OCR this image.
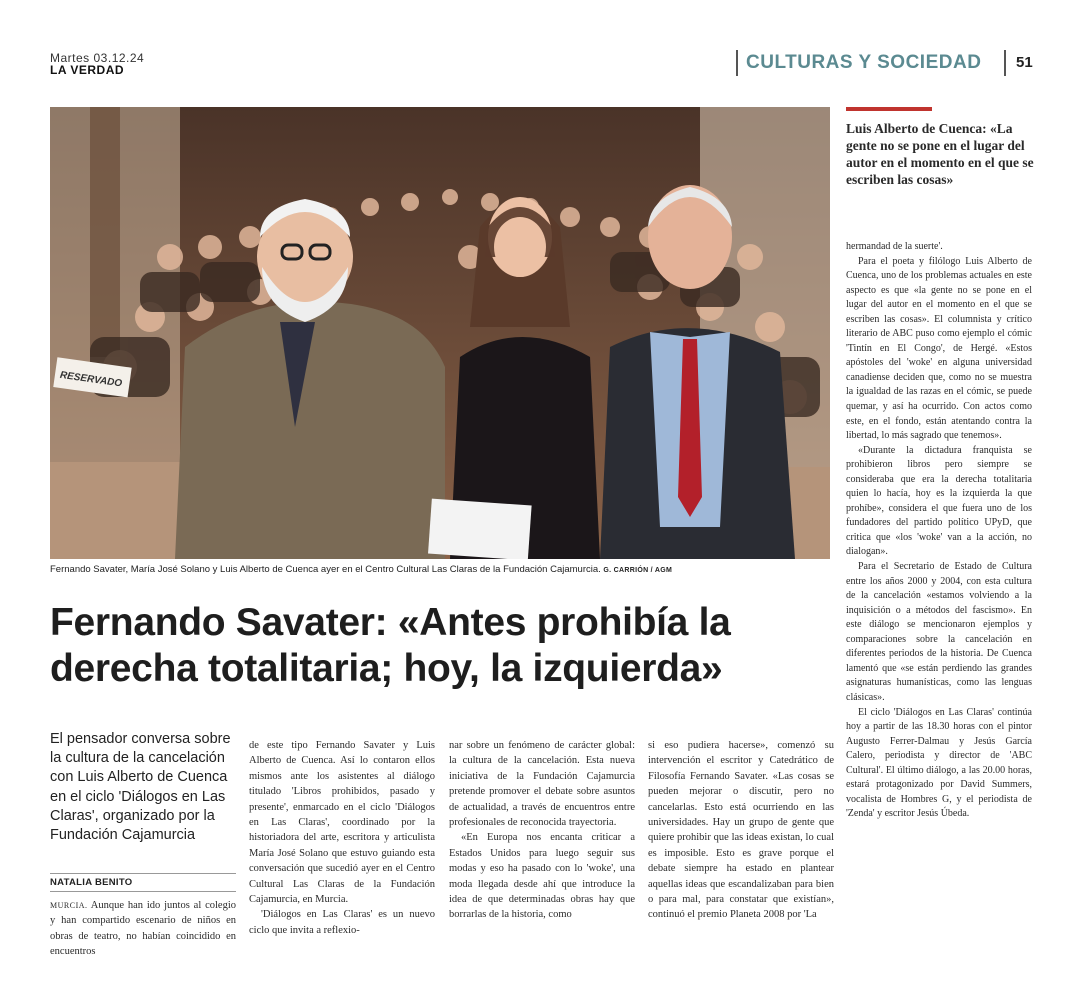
Martes 03.12.24
LA VERDAD	CULTURAS Y SOCIEDAD	51
RESERVADO
Fernando Savater, María José Solano y Luis Alberto de Cuenca ayer en el Centro Cultural Las Claras de la Fundación Cajamurcia. G. CARRIÓN / AGM
Fernando Savater: «Antes prohibía la
derecha totalitaria; hoy, la izquierda»
El pensador conversa sobre la cultura de la cancelación con Luis Alberto de Cuenca en el ciclo 'Diálogos en Las Claras', organizado por la Fundación Cajamurcia
NATALIA BENITO

MURCIA. Aunque han ido juntos al colegio y han compartido escenario de niños en obras de teatro, no habían coincidido en encuentros

de este tipo Fernando Savater y Luis Alberto de Cuenca. Así lo contaron ellos mismos ante los asistentes al diálogo titulado 'Libros prohibidos, pasado y presente', enmarcado en el ciclo 'Diálogos en Las Claras', coordinado por la historiadora del arte, escritora y articulista María José Solano que estuvo guiando esta conversación que sucedió ayer en el Centro Cultural Las Claras de la Fundación Cajamurcia, en Murcia.

'Diálogos en Las Claras' es un nuevo ciclo que invita a reflexio-

nar sobre un fenómeno de carácter global: la cultura de la cancelación. Esta nueva iniciativa de la Fundación Cajamurcia pretende promover el debate sobre asuntos de actualidad, a través de encuentros entre profesionales de reconocida trayectoria.

«En Europa nos encanta criticar a Estados Unidos para luego seguir sus modas y eso ha pasado con lo 'woke', una moda llegada desde ahí que introduce la idea de que determinadas obras hay que borrarlas de la historia, como

si eso pudiera hacerse», comenzó su intervención el escritor y Catedrático de Filosofía Fernando Savater. «Las cosas se pueden mejorar o discutir, pero no cancelarlas. Esto está ocurriendo en las universidades. Hay un grupo de gente que quiere prohibir que las ideas existan, lo cual es imposible. Esto es grave porque el debate siempre ha estado en plantear aquellas ideas que escandalizaban para bien o para mal, para constatar que existían», continuó el premio Planeta 2008 por 'La

Luis Alberto de Cuenca: «La gente no se pone en el lugar del autor en el momento en el que se escriben las cosas»

hermandad de la suerte'.

Para el poeta y filólogo Luis Alberto de Cuenca, uno de los problemas actuales en este aspecto es que «la gente no se pone en el lugar del autor en el momento en el que se escriben las cosas». El columnista y crítico literario de ABC puso como ejemplo el cómic 'Tintín en El Congo', de Hergé. «Estos apóstoles del 'woke' en alguna universidad canadiense deciden que, como no se muestra la igualdad de las razas en el cómic, se puede quemar, y así ha ocurrido. Con actos como este, en el fondo, están atentando contra la libertad, lo más sagrado que tenemos».

«Durante la dictadura franquista se prohibieron libros pero siempre se consideraba que era la derecha totalitaria quien lo hacía, hoy es la izquierda la que prohíbe», considera el que fuera uno de los fundadores del partido político UPyD, que critica que «los 'woke' van a la acción, no dialogan».

Para el Secretario de Estado de Cultura entre los años 2000 y 2004, con esta cultura de la cancelación «estamos volviendo a la inquisición o a métodos del fascismo». En este diálogo se mencionaron ejemplos y comparaciones sobre la cancelación en diferentes periodos de la historia. De Cuenca lamentó que «se están perdiendo las grandes asignaturas humanísticas, como las lenguas clásicas».

El ciclo 'Diálogos en Las Claras' continúa hoy a partir de las 18.30 horas con el pintor Augusto Ferrer-Dalmau y Jesús García Calero, periodista y director de 'ABC Cultural'. El último diálogo, a las 20.00 horas, estará protagonizado por David Summers, vocalista de Hombres G, y el periodista de 'Zenda' y escritor Jesús Úbeda.
